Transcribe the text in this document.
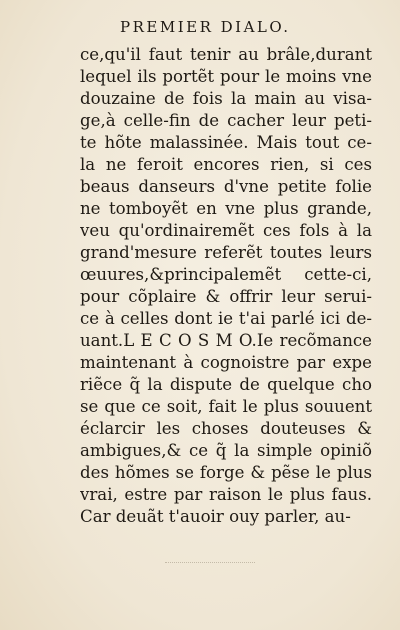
PREMIER DIALO.
ce,qu'il faut tenir au brâle,durant
lequel ils portẽt pour le moins vne
douzaine de fois la main au visa-
ge,à celle-fin de cacher leur peti-
te hõte malassinée. Mais tout ce-
la ne feroit encores rien, si ces
beaus danseurs d'vne petite folie
ne tomboyẽt en vne plus grande,
veu qu'ordinairemẽt ces fols à la
grand'mesure referẽt toutes leurs
œuures,&principalemẽt cette-ci,
pour cõplaire & offrir leur serui-
ce à celles dont ie t'ai parlé ici de-
uant.L E C O S M O.Ie recõmance
maintenant à cognoistre par expe
riẽce q̃ la dispute de quelque cho
se que ce soit, fait le plus souuent
éclarcir les choses douteuses &
ambigues,& ce q̃ la simple opiniõ
des hõmes se forge & pẽse le plus
vrai, estre par raison le plus faus.
Car deuãt t'auoir ouy parler, au-
